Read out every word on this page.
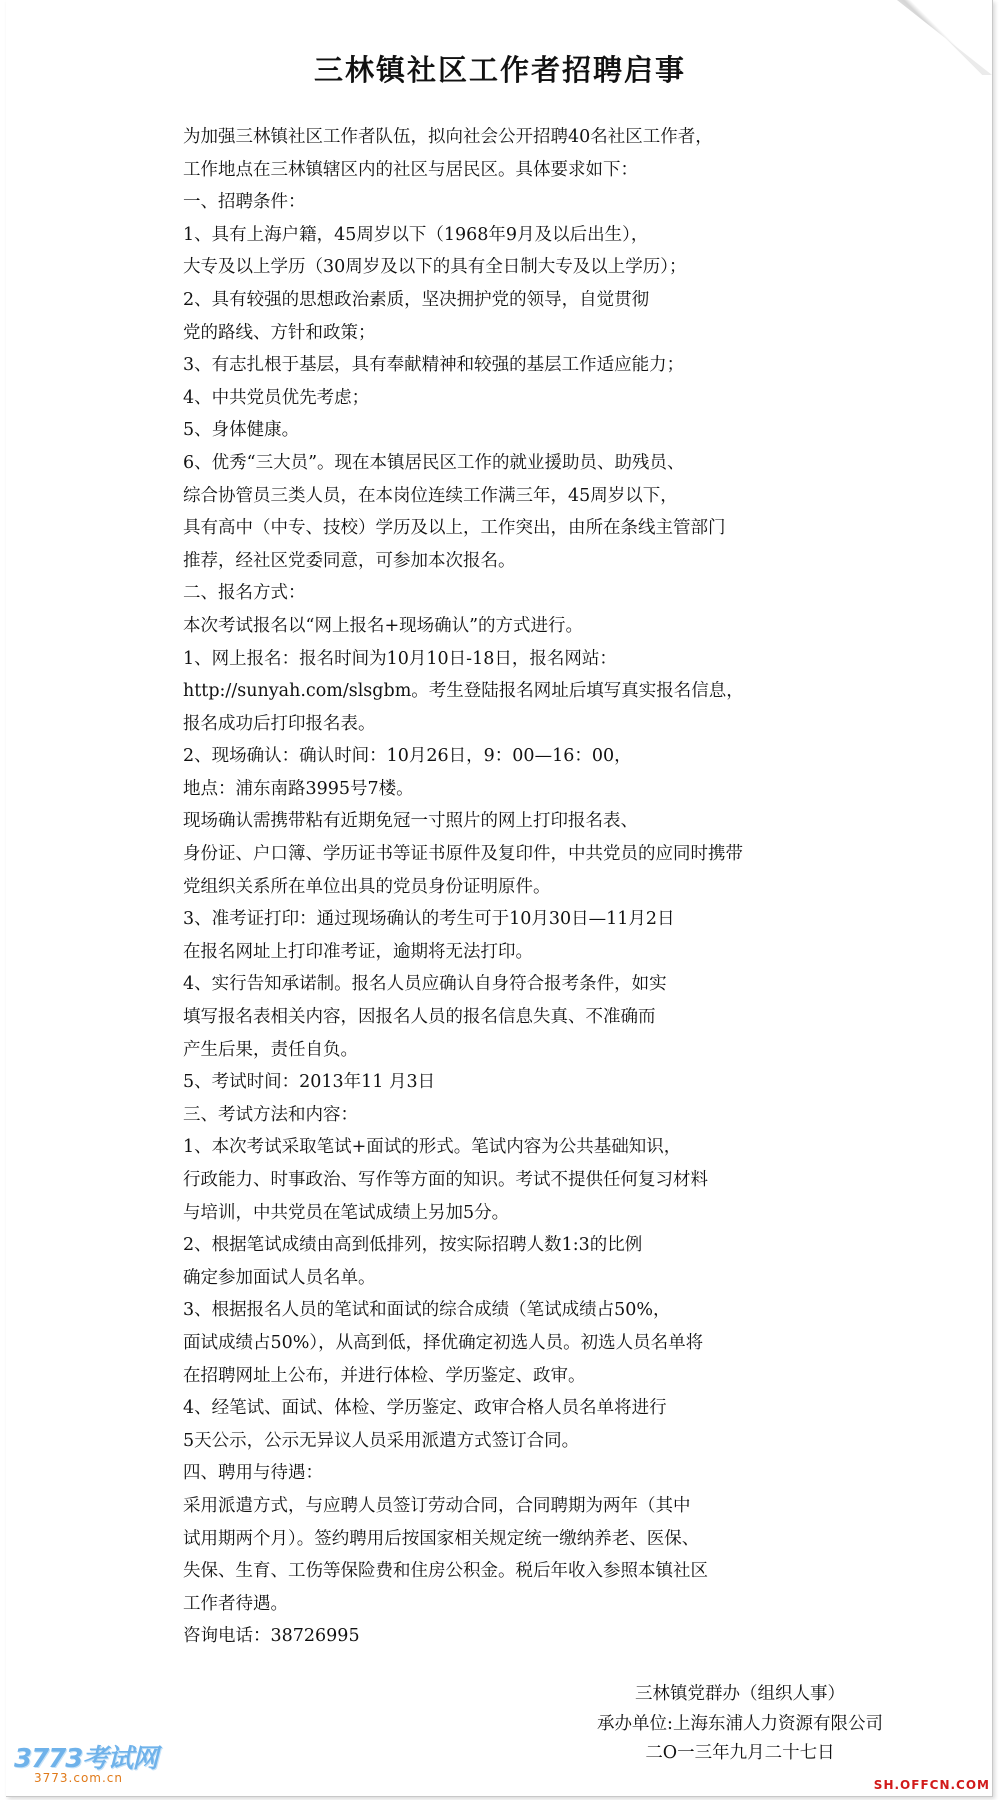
三林镇社区工作者招聘启事
为加强三林镇社区工作者队伍，拟向社会公开招聘40名社区工作者，
工作地点在三林镇辖区内的社区与居民区。具体要求如下：
一、招聘条件：
1、具有上海户籍，45周岁以下（1968年9月及以后出生），
大专及以上学历（30周岁及以下的具有全日制大专及以上学历）；
2、具有较强的思想政治素质，坚决拥护党的领导，自觉贯彻
党的路线、方针和政策；
3、有志扎根于基层，具有奉献精神和较强的基层工作适应能力；
4、中共党员优先考虑；
5、身体健康。
6、优秀“三大员”。现在本镇居民区工作的就业援助员、助残员、
综合协管员三类人员，在本岗位连续工作满三年，45周岁以下，
具有高中（中专、技校）学历及以上，工作突出，由所在条线主管部门
推荐，经社区党委同意，可参加本次报名。
二、报名方式：
本次考试报名以“网上报名+现场确认”的方式进行。
1、网上报名：报名时间为10月10日-18日，报名网站：
http://sunyah.com/slsgbm。考生登陆报名网址后填写真实报名信息，
报名成功后打印报名表。
2、现场确认：确认时间：10月26日，9：00—16：00，
地点：浦东南路3995号7楼。
现场确认需携带粘有近期免冠一寸照片的网上打印报名表、
身份证、户口簿、学历证书等证书原件及复印件，中共党员的应同时携带
党组织关系所在单位出具的党员身份证明原件。
3、准考证打印：通过现场确认的考生可于10月30日—11月2日
在报名网址上打印准考证，逾期将无法打印。
4、实行告知承诺制。报名人员应确认自身符合报考条件，如实
填写报名表相关内容，因报名人员的报名信息失真、不准确而
产生后果，责任自负。
5、考试时间：2013年11 月3日
三、考试方法和内容：
1、本次考试采取笔试+面试的形式。笔试内容为公共基础知识，
行政能力、时事政治、写作等方面的知识。考试不提供任何复习材料
与培训，中共党员在笔试成绩上另加5分。
2、根据笔试成绩由高到低排列，按实际招聘人数1:3的比例
确定参加面试人员名单。
3、根据报名人员的笔试和面试的综合成绩（笔试成绩占50%，
面试成绩占50%），从高到低，择优确定初选人员。初选人员名单将
在招聘网址上公布，并进行体检、学历鉴定、政审。
4、经笔试、面试、体检、学历鉴定、政审合格人员名单将进行
5天公示，公示无异议人员采用派遣方式签订合同。
四、聘用与待遇：
采用派遣方式，与应聘人员签订劳动合同，合同聘期为两年（其中
试用期两个月）。签约聘用后按国家相关规定统一缴纳养老、医保、
失保、生育、工伤等保险费和住房公积金。税后年收入参照本镇社区
工作者待遇。
咨询电话：38726995
三林镇党群办（组织人事）
承办单位:上海东浦人力资源有限公司
二O一三年九月二十七日
3773考试网
3773.com.cn	SH.OFFCN.COM
